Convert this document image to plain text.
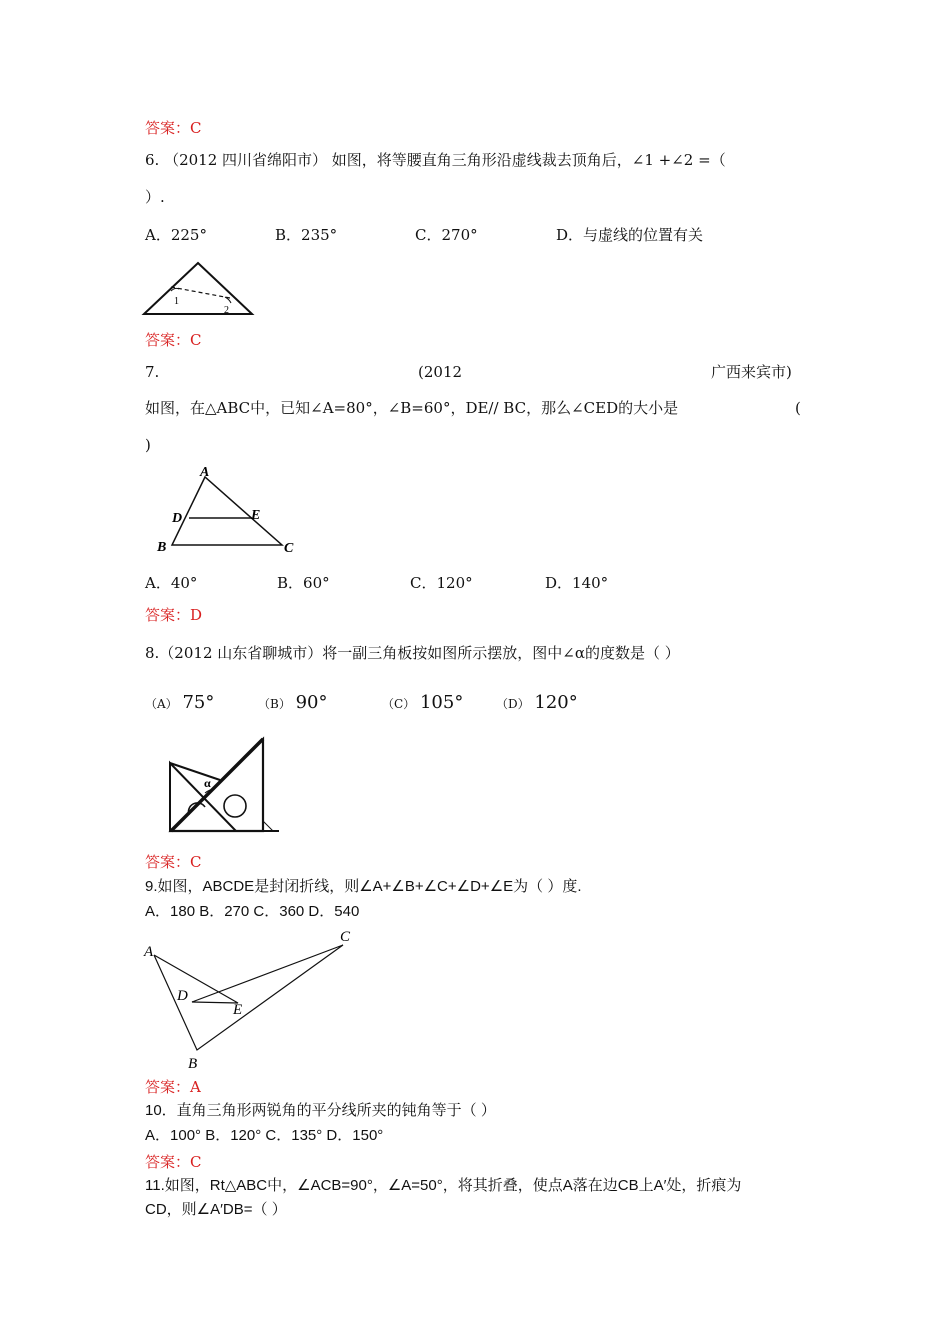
答案：C
6. （2012 四川省绵阳市） 如图，将等腰直角三角形沿虚线裁去顶角后，∠1 +∠2 =（
）.
A．225°	B．235°	C．270°	D．与虚线的位置有关
1
2
答案：C
7.	(2012	广西来宾市)
如图，在△ABC中，已知∠A=80°，∠B=60°，DE// BC，那么∠CED的大小是	(
)
A
D	E
B	C
A．40°	B．60°	C．120°	D．140°
答案：D
8.（2012 山东省聊城市）将一副三角板按如图所示摆放，图中∠α的度数是（ ）
（A） 75°	（B） 90°	（C） 105°	（D） 120°
α
答案：C
9.如图，ABCDE是封闭折线，则∠A+∠B+∠C+∠D+∠E为（ ）度.
A．180 B．270 C．360 D．540
A
C
D
E
B
答案：A
10．直角三角形两锐角的平分线所夹的钝角等于（ ）
A．100° B．120° C．135° D．150°
答案：C
11.如图，Rt△ABC中，∠ACB=90°，∠A=50°，将其折叠，使点A落在边CB上A′处，折痕为
CD，则∠A′DB=（ ）
